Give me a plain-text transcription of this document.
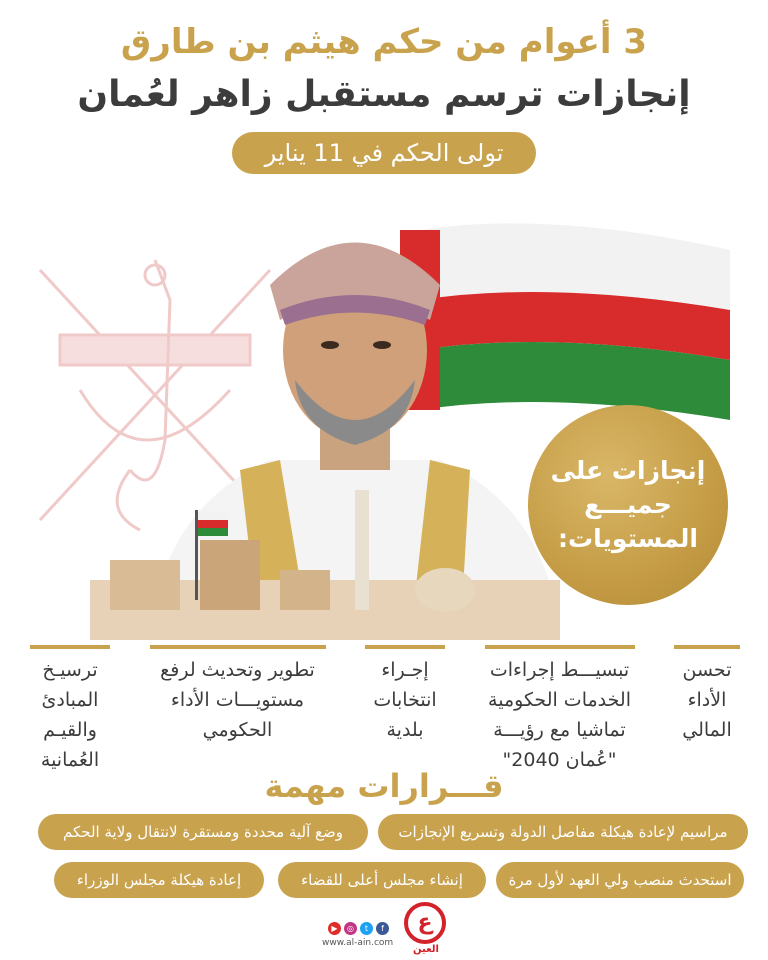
3 أعوام من حكم هيثم بن طارق
إنجازات ترسم مستقبل زاهر لعُمان
تولى الحكم في 11 يناير 2020
إنجازات على جميـــع المستويات:
تحسن الأداء المالي
تبسيـــط إجراءات الخدمات الحكومية تماشيا مع رؤيـــة "عُمان 2040"
إجـراء انتخابات بلدية
تطوير وتحديث لرفع مستويـــات الأداء الحكومي
ترسيـخ المبادئ والقيـم العُمانية
قـــرارات مهمة
مراسيم لإعادة هيكلة مفاصل الدولة وتسريع الإنجازات
وضع آلية محددة ومستقرة لانتقال ولاية الحكم
استحدث منصب ولي العهد لأول مرة
إنشاء مجلس أعلى للقضاء
إعادة هيكلة مجلس الوزراء
▶	◎	t	f
www.al-ain.com
ع
العين
